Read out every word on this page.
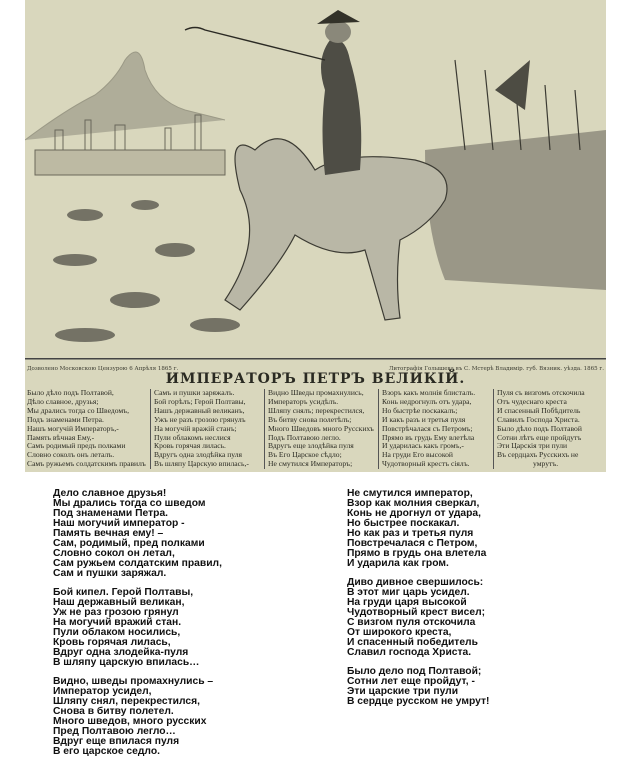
Дозволено Московскою Цензурою 6 Апрѣля 1865 г.	Литографія Голышева въ С. Мстерѣ Владимір. губ. Вязник. уѣзда. 1865 г.
ИМПЕРАТОРЪ ПЕТРЪ ВЕЛИКІЙ.
Было дѣло подъ Полтавой,
Дѣло славное, друзья;
Мы дрались тогда со Шведомъ,
Подъ знаменами Петра.
Нашъ могучій Императоръ,-
Память вѣчная Ему,-
Самъ родимый предъ полками
Словно соколъ онъ леталъ.
Самъ ружьемъ солдатскимъ правилъ
Самъ и пушки заряжалъ.
Бой горѣлъ; Герой Полтавы,
Нашъ державный великанъ,
Ужъ не разъ грозою грянулъ
На могучій вражій станъ;
Пули облакомъ неслися
Кровь горячая лилась.
Вдругъ одна злодѣйка пуля
Въ шляпу Царскую впилась,-
Видно Шведы промахнулись,
Императоръ усидѣлъ.
Шляпу снялъ; перекрестился,
Въ битву снова полетѣлъ;
Много Шведовъ много Русскихъ
Подъ Полтавою легло.
Вдругъ еще злодѣйка пуля
Въ Его Царское сѣдло;
Не смутился Императоръ;
Взоръ какъ молнія блисталъ.
Конь недрогнулъ отъ удара,
Но быстрѣе поскакалъ;
И какъ разъ и третья пуля
Повстрѣчалася съ Петромъ;
Прямо въ грудь Ему влетѣла
И ударилась какъ громъ,-
На груди Его высокой
Чудотворный крестъ сіялъ.
Пуля съ визгомъ отскочила
Отъ чудеснаго креста
И спасенный Побѣдитель
Славилъ Господа Христа.
Было дѣло подъ Полтавой
Сотни лѣтъ еще пройдутъ
Эти Царскія три пули
Въ сердцахъ Русскихъ не
умрутъ.
Дело славное друзья!
Мы дрались тогда со шведом
Под знаменами Петра.
Наш могучий император -
Память вечная ему! –
Сам, родимый, пред полками
Словно сокол он летал,
Сам ружьем солдатским правил,
Сам и пушки заряжал.
Бой кипел. Герой Полтавы,
Наш державный великан,
Уж не раз грозою грянул
На могучий вражий стан.
Пули облаком носились,
Кровь горячая лилась,
Вдруг одна злодейка-пуля
В шляпу царскую впилась…
Видно, шведы промахнулись –
Император усидел,
Шляпу снял, перекрестился,
Снова в битву полетел.
Много шведов, много русских
Пред Полтавою легло…
Вдруг еще впилася пуля
В его царское седло.
Не смутился император,
Взор как молния сверкал,
Конь не дрогнул от удара,
Но быстрее поскакал.
Но как раз и третья пуля
Повстречалася с Петром,
Прямо в грудь она влетела
И ударила как гром.
Диво дивное свершилось:
В этот миг царь усидел.
На груди царя высокой
Чудотворный крест висел;
С визгом пуля отскочила
От широкого креста,
И спасенный победитель
Славил господа Христа.
Было дело под Полтавой;
Сотни лет еще пройдут, -
Эти царские три пули
В сердце русском не умрут!
